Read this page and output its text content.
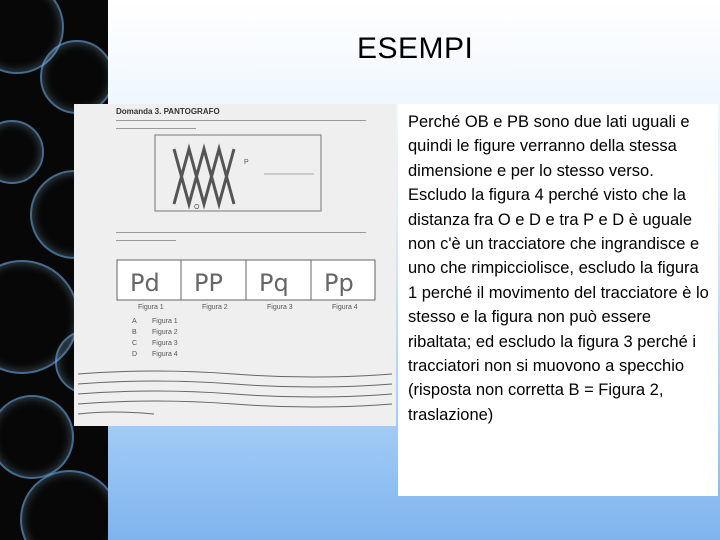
ESEMPI
Domanda 3. PANTOGRAFO
P
O
Pd PP Pq Pp
Figura 1	Figura 2	Figura 3	Figura 4
A Figura 1
B Figura 2
C Figura 3
D Figura 4

Perché OB e PB sono due lati uguali e quindi le figure verranno della stessa dimensione e per lo stesso verso.

Escludo la figura 4 perché visto che la distanza fra O e D e tra P e D è uguale non c'è un tracciatore che ingrandisce e uno che rimpicciolisce, escludo la figura 1 perché il movimento del tracciatore è lo stesso e la figura non può essere ribaltata; ed escludo la figura 3 perché i tracciatori non si muovono a specchio (risposta non corretta B = Figura 2, traslazione)
